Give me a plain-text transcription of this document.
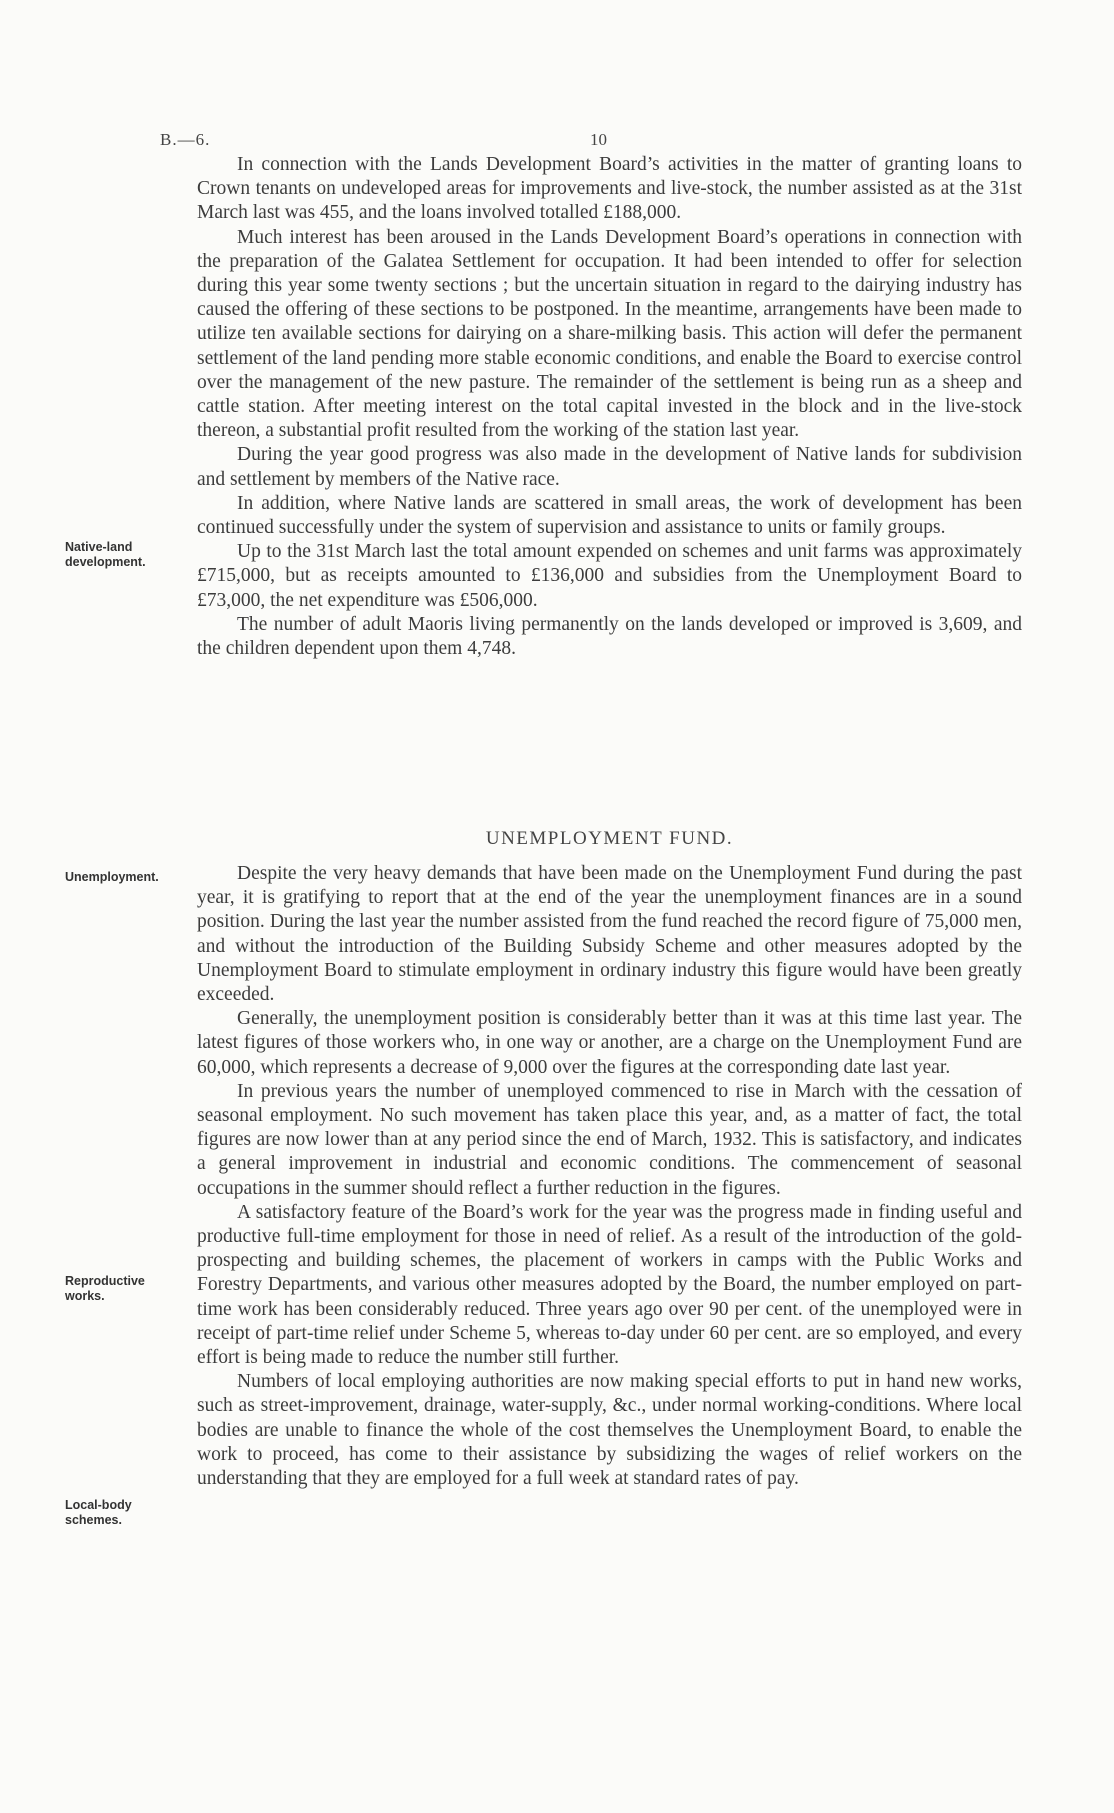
B.—6.	10

In connection with the Lands Development Board’s activities in the matter of granting loans to Crown tenants on undeveloped areas for improvements and live-stock, the number assisted as at the 31st March last was 455, and the loans involved totalled £188,000.

Much interest has been aroused in the Lands Development Board’s operations in connection with the preparation of the Galatea Settlement for occupation. It had been intended to offer for selection during this year some twenty sections ; but the uncertain situation in regard to the dairying industry has caused the offering of these sections to be postponed. In the meantime, arrangements have been made to utilize ten available sections for dairying on a share-milking basis. This action will defer the permanent settlement of the land pending more stable economic conditions, and enable the Board to exercise control over the management of the new pasture. The remainder of the settlement is being run as a sheep and cattle station. After meeting interest on the total capital invested in the block and in the live-stock thereon, a substantial profit resulted from the working of the station last year.

During the year good progress was also made in the development of Native lands for subdivision and settlement by members of the Native race.

In addition, where Native lands are scattered in small areas, the work of development has been continued successfully under the system of supervision and assistance to units or family groups.

Up to the 31st March last the total amount expended on schemes and unit farms was approximately £715,000, but as receipts amounted to £136,000 and subsidies from the Unemployment Board to £73,000, the net expenditure was £506,000.

The number of adult Maoris living permanently on the lands developed or improved is 3,609, and the children dependent upon them 4,748.

UNEMPLOYMENT FUND.

Despite the very heavy demands that have been made on the Unemployment Fund during the past year, it is gratifying to report that at the end of the year the unemployment finances are in a sound position. During the last year the number assisted from the fund reached the record figure of 75,000 men, and without the introduction of the Building Subsidy Scheme and other measures adopted by the Unemployment Board to stimulate employment in ordinary industry this figure would have been greatly exceeded.

Generally, the unemployment position is considerably better than it was at this time last year. The latest figures of those workers who, in one way or another, are a charge on the Unemployment Fund are 60,000, which represents a decrease of 9,000 over the figures at the corresponding date last year.

In previous years the number of unemployed commenced to rise in March with the cessation of seasonal employment. No such movement has taken place this year, and, as a matter of fact, the total figures are now lower than at any period since the end of March, 1932. This is satisfactory, and indicates a general improvement in industrial and economic conditions. The commencement of seasonal occupations in the summer should reflect a further reduction in the figures.

A satisfactory feature of the Board’s work for the year was the progress made in finding useful and productive full-time employment for those in need of relief. As a result of the introduction of the gold-prospecting and building schemes, the placement of workers in camps with the Public Works and Forestry Departments, and various other measures adopted by the Board, the number employed on part-time work has been considerably reduced. Three years ago over 90 per cent. of the unemployed were in receipt of part-time relief under Scheme 5, whereas to-day under 60 per cent. are so employed, and every effort is being made to reduce the number still further.

Numbers of local employing authorities are now making special efforts to put in hand new works, such as street-improvement, drainage, water-supply, &c., under normal working-conditions. Where local bodies are unable to finance the whole of the cost themselves the Unemployment Board, to enable the work to proceed, has come to their assistance by subsidizing the wages of relief workers on the understanding that they are employed for a full week at standard rates of pay.

Native-land development.
Unemployment.
Reproductive works.
Local-body schemes.
